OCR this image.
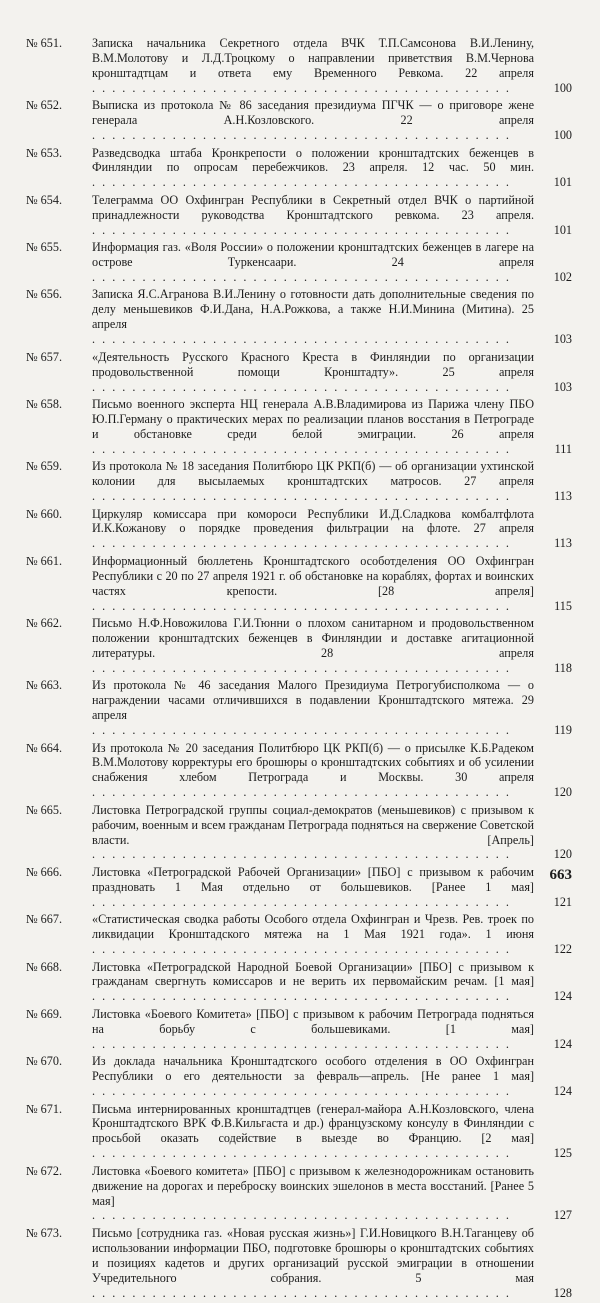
№ 651.	Записка начальника Секретного отдела ВЧК Т.П.Самсонова В.И.Ленину, В.М.Молотову и Л.Д.Троцкому о направлении приветствия В.М.Чернова кронштадтцам и ответа ему Временного Ревкома. 22 апреля . . . . . . . . . . . . . . . . . . . . . . . . . . . . . . . . . . . . . . . . . .	100
№ 652.	Выписка из протокола № 86 заседания президиума ПГЧК — о приговоре жене генерала А.Н.Козловского. 22 апреля . . . . . . . . . . . . . . . . . . . . . . . . . . . . . . . . . . . . . . . . . .	100
№ 653.	Разведсводка штаба Кронкрепости о положении кронштадтских беженцев в Финляндии по опросам перебежчиков. 23 апреля. 12 час. 50 мин. . . . . . . . . . . . . . . . . . . . . . . . . . . . . . . . . . . . . . . . . . .	101
№ 654.	Телеграмма ОО Охфингран Республики в Секретный отдел ВЧК о партийной принадлежности руководства Кронштадтского ревкома. 23 апреля. . . . . . . . . . . . . . . . . . . . . . . . . . . . . . . . . . . . . . . . . . .	101
№ 655.	Информация газ. «Воля России» о положении кронштадтских беженцев в лагере на острове Туркенсаари. 24 апреля . . . . . . . . . . . . . . . . . . . . . . . . . . . . . . . . . . . . . . . . . .	102
№ 656.	Записка Я.С.Агранова В.И.Ленину о готовности дать дополнительные сведения по делу меньшевиков Ф.И.Дана, Н.А.Рожкова, а также Н.И.Минина (Митина). 25 апреля . . . . . . . . . . . . . . . . . . . . . . . . . . . . . . . . . . . . . . . . . .	103
№ 657.	«Деятельность Русского Красного Креста в Финляндии по организации продовольственной помощи Кронштадту». 25 апреля . . . . . . . . . . . . . . . . . . . . . . . . . . . . . . . . . . . . . . . . . .	103
№ 658.	Письмо военного эксперта НЦ генерала А.В.Владимирова из Парижа члену ПБО Ю.П.Герману о практических мерах по реализации планов восстания в Петрограде и обстановке среди белой эмиграции. 26 апреля . . . . . . . . . . . . . . . . . . . . . . . . . . . . . . . . . . . . . . . . . .	111
№ 659.	Из протокола № 18 заседания Политбюро ЦК РКП(б) — об организации ухтинской колонии для высылаемых кронштадтских матросов. 27 апреля . . . . . . . . . . . . . . . . . . . . . . . . . . . . . . . . . . . . . . . . . .	113
№ 660.	Циркуляр комиссара при комороси Республики И.Д.Сладкова комбалтфлота И.К.Кожанову о порядке проведения фильтрации на флоте. 27 апреля . . . . . . . . . . . . . . . . . . . . . . . . . . . . . . . . . . . . . . . . . .	113
№ 661.	Информационный бюллетень Кронштадтского особотделения ОО Охфингран Республики с 20 по 27 апреля 1921 г. об обстановке на кораблях, фортах и воинских частях крепости. [28 апреля] . . . . . . . . . . . . . . . . . . . . . . . . . . . . . . . . . . . . . . . . . .	115
№ 662.	Письмо Н.Ф.Новожилова Г.И.Тюнни о плохом санитарном и продовольственном положении кронштадтских беженцев в Финляндии и доставке агитационной литературы. 28 апреля . . . . . . . . . . . . . . . . . . . . . . . . . . . . . . . . . . . . . . . . . .	118
№ 663.	Из протокола № 46 заседания Малого Президиума Петрогубисполкома — о награждении часами отличившихся в подавлении Кронштадтского мятежа. 29 апреля . . . . . . . . . . . . . . . . . . . . . . . . . . . . . . . . . . . . . . . . . .	119
№ 664.	Из протокола № 20 заседания Политбюро ЦК РКП(б) — о присылке К.Б.Радеком В.М.Молотову корректуры его брошюры о кронштадтских событиях и об усилении снабжения хлебом Петрограда и Москвы. 30 апреля . . . . . . . . . . . . . . . . . . . . . . . . . . . . . . . . . . . . . . . . . .	120
№ 665.	Листовка Петроградской группы социал-демократов (меньшевиков) с призывом к рабочим, военным и всем гражданам Петрограда подняться на свержение Советской власти. [Апрель] . . . . . . . . . . . . . . . . . . . . . . . . . . . . . . . . . . . . . . . . . .	120
№ 666.	Листовка «Петроградской Рабочей Организации» [ПБО] с призывом к рабочим праздновать 1 Мая отдельно от большевиков. [Ранее 1 мая] . . . . . . . . . . . . . . . . . . . . . . . . . . . . . . . . . . . . . . . . . .	121
№ 667.	«Статистическая сводка работы Особого отдела Охфингран и Чрезв. Рев. троек по ликвидации Кронштадского мятежа на 1 Мая 1921 года». 1 июня . . . . . . . . . . . . . . . . . . . . . . . . . . . . . . . . . . . . . . . . . .	122
№ 668.	Листовка «Петроградской Народной Боевой Организации» [ПБО] с призывом к гражданам свергнуть комиссаров и не верить их первомайским речам. [1 мая] . . . . . . . . . . . . . . . . . . . . . . . . . . . . . . . . . . . . . . . . . .	124
№ 669.	Листовка «Боевого Комитета» [ПБО] с призывом к рабочим Петрограда подняться на борьбу с большевиками. [1 мая] . . . . . . . . . . . . . . . . . . . . . . . . . . . . . . . . . . . . . . . . . .	124
№ 670.	Из доклада начальника Кронштадтского особого отделения в ОО Охфингран Республики о его деятельности за февраль—апрель. [Не ранее 1 мая] . . . . . . . . . . . . . . . . . . . . . . . . . . . . . . . . . . . . . . . . . .	124
№ 671.	Письма интернированных кронштадтцев (генерал-майора А.Н.Козловского, члена Кронштадтского ВРК Ф.В.Кильгаста и др.) французскому консулу в Финляндии с просьбой оказать содействие в выезде во Францию. [2 мая] . . . . . . . . . . . . . . . . . . . . . . . . . . . . . . . . . . . . . . . . . .	125
№ 672.	Листовка «Боевого комитета» [ПБО] с призывом к железнодорожникам остановить движение на дорогах и переброску воинских эшелонов в места восстаний. [Ранее 5 мая] . . . . . . . . . . . . . . . . . . . . . . . . . . . . . . . . . . . . . . . . . .	127
№ 673.	Письмо [сотрудника газ. «Новая русская жизнь»] Г.И.Новицкого В.Н.Таганцеву об использовании информации ПБО, подготовке брошюры о кронштадтских событиях и позициях кадетов и других организаций русской эмиграции в отношении Учредительного собрания. 5 мая . . . . . . . . . . . . . . . . . . . . . . . . . . . . . . . . . . . . . . . . . .	128
663
